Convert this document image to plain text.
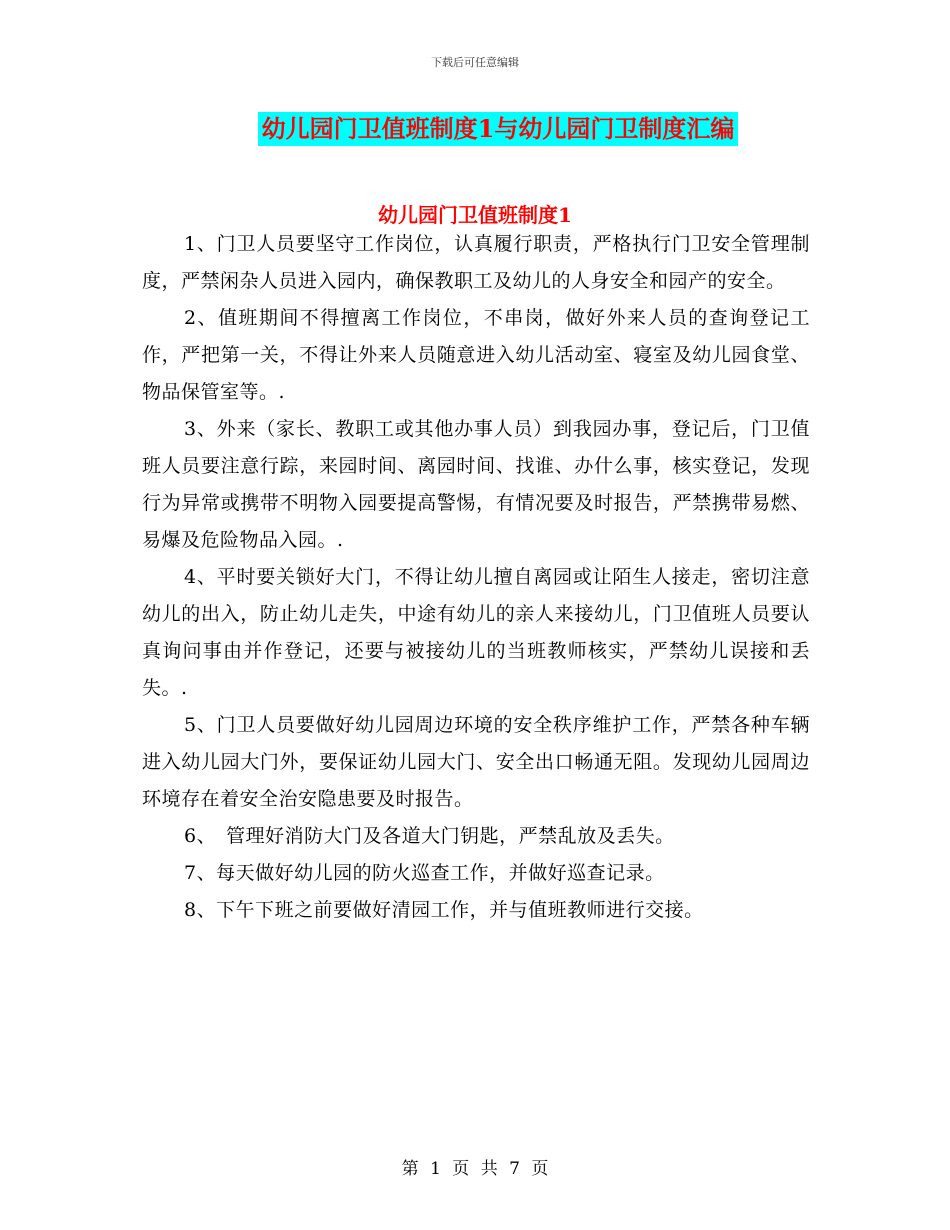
下载后可任意编辑
幼儿园门卫值班制度1与幼儿园门卫制度汇编
幼儿园门卫值班制度1

1、门卫人员要坚守工作岗位，认真履行职责，严格执行门卫安全管理制度，严禁闲杂人员进入园内，确保教职工及幼儿的人身安全和园产的安全。

2、值班期间不得擅离工作岗位，不串岗，做好外来人员的查询登记工作，严把第一关，不得让外来人员随意进入幼儿活动室、寝室及幼儿园食堂、物品保管室等。.

3、外来（家长、教职工或其他办事人员）到我园办事，登记后，门卫值班人员要注意行踪，来园时间、离园时间、找谁、办什么事，核实登记，发现行为异常或携带不明物入园要提高警惕，有情况要及时报告，严禁携带易燃、易爆及危险物品入园。.

4、平时要关锁好大门，不得让幼儿擅自离园或让陌生人接走，密切注意幼儿的出入，防止幼儿走失，中途有幼儿的亲人来接幼儿，门卫值班人员要认真询问事由并作登记，还要与被接幼儿的当班教师核实，严禁幼儿误接和丢失。.

5、门卫人员要做好幼儿园周边环境的安全秩序维护工作，严禁各种车辆进入幼儿园大门外，要保证幼儿园大门、安全出口畅通无阻。发现幼儿园周边环境存在着安全治安隐患要及时报告。

6、　管理好消防大门及各道大门钥匙，严禁乱放及丢失。

7、每天做好幼儿园的防火巡查工作，并做好巡查记录。

8、下午下班之前要做好清园工作，并与值班教师进行交接。

第 1 页 共 7 页
